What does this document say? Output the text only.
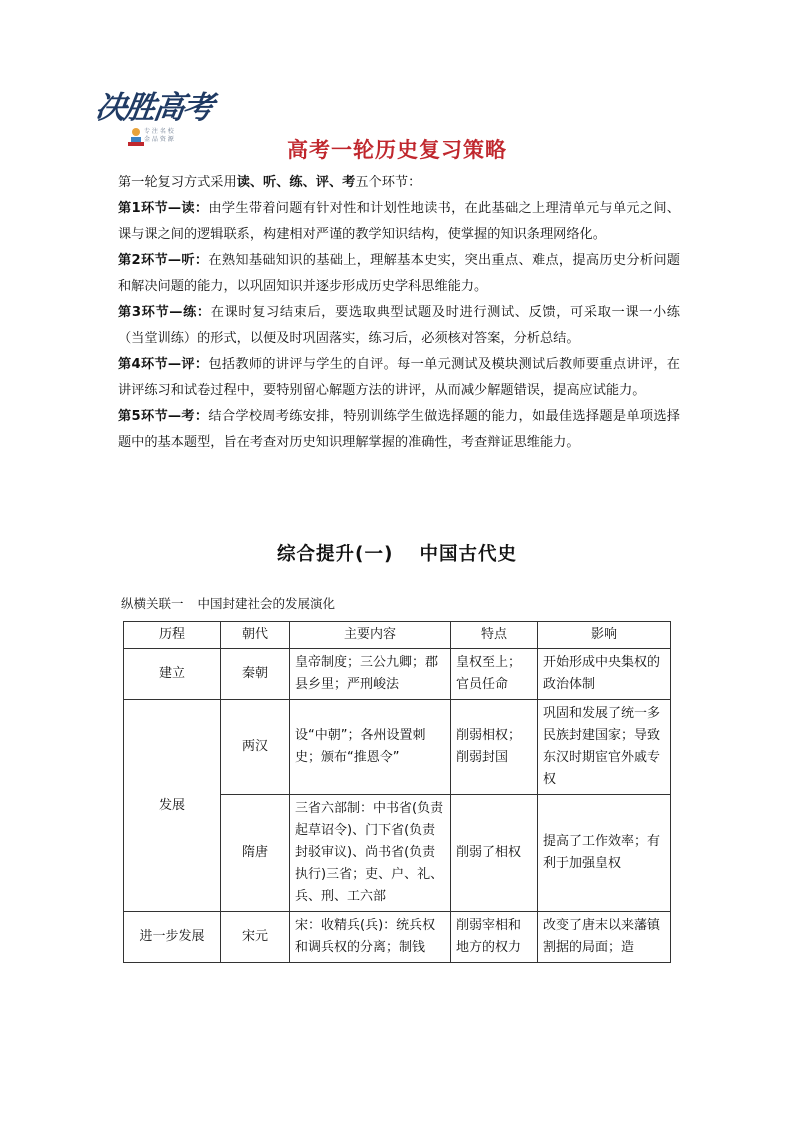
决胜高考
专 注 名 校
金 品 资 源	高考一轮历史复习策略

第一轮复习方式采用读、听、练、评、考五个环节：

第1环节—读：由学生带着问题有针对性和计划性地读书，在此基础之上理清单元与单元之间、课与课之间的逻辑联系，构建相对严谨的教学知识结构，使掌握的知识条理网络化。

第2环节—听：在熟知基础知识的基础上，理解基本史实，突出重点、难点，提高历史分析问题和解决问题的能力，以巩固知识并逐步形成历史学科思维能力。

第3环节—练：在课时复习结束后，要选取典型试题及时进行测试、反馈，可采取一课一小练（当堂训练）的形式，以便及时巩固落实，练习后，必须核对答案，分析总结。

第4环节—评：包括教师的讲评与学生的自评。每一单元测试及模块测试后教师要重点讲评，在讲评练习和试卷过程中，要特别留心解题方法的讲评，从而减少解题错误，提高应试能力。

第5环节—考：结合学校周考练安排，特别训练学生做选择题的能力，如最佳选择题是单项选择题中的基本题型，旨在考查对历史知识理解掌握的准确性，考查辩证思维能力。

综合提升(一) 中国古代史
纵横关联一 中国封建社会的发展演化
历程	朝代	主要内容	特点	影响
建立	秦朝	皇帝制度；三公九卿；郡县乡里；严刑峻法	皇权至上；官员任命	开始形成中央集权的政治体制
发展	两汉	设“中朝”；各州设置刺史；颁布“推恩令”	削弱相权；削弱封国	巩固和发展了统一多民族封建国家；导致东汉时期宦官外戚专权
	隋唐	三省六部制：中书省(负责起草诏令)、门下省(负责封驳审议)、尚书省(负责执行)三省；吏、户、礼、兵、刑、工六部	削弱了相权	提高了工作效率；有利于加强皇权
进一步发展	宋元	宋：收精兵(兵)：统兵权和调兵权的分离；制钱	削弱宰相和地方的权力	改变了唐末以来藩镇割据的局面；造
